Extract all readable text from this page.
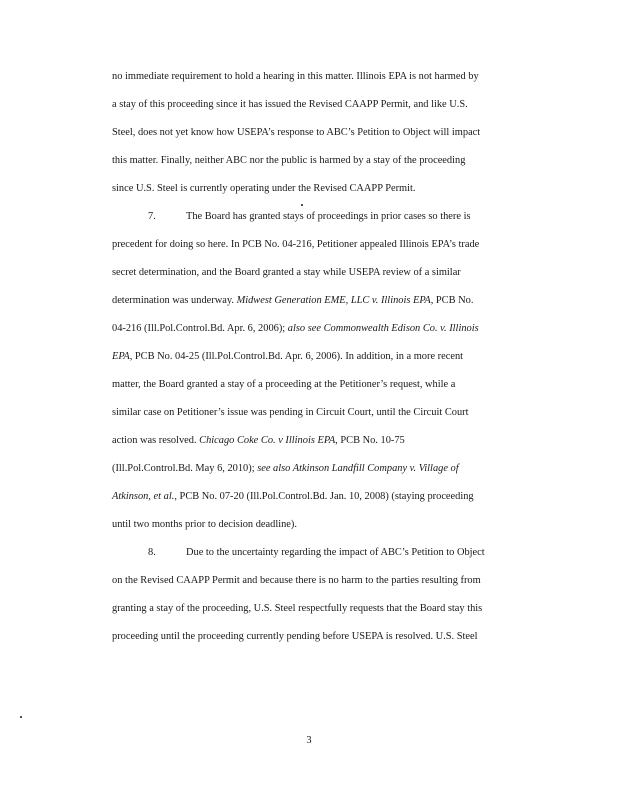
no immediate requirement to hold a hearing in this matter. Illinois EPA is not harmed by
a stay of this proceeding since it has issued the Revised CAAPP Permit, and like U.S.
Steel, does not yet know how USEPA’s response to ABC’s Petition to Object will impact
this matter. Finally, neither ABC nor the public is harmed by a stay of the proceeding
since U.S. Steel is currently operating under the Revised CAAPP Permit.
7.	The Board has granted stays of proceedings in prior cases so there is
precedent for doing so here. In PCB No. 04-216, Petitioner appealed Illinois EPA’s trade
secret determination, and the Board granted a stay while USEPA review of a similar
determination was underway. Midwest Generation EME, LLC v. Illinois EPA, PCB No.
04-216 (Ill.Pol.Control.Bd. Apr. 6, 2006); also see Commonwealth Edison Co. v. Illinois
EPA, PCB No. 04-25 (Ill.Pol.Control.Bd. Apr. 6, 2006). In addition, in a more recent
matter, the Board granted a stay of a proceeding at the Petitioner’s request, while a
similar case on Petitioner’s issue was pending in Circuit Court, until the Circuit Court
action was resolved. Chicago Coke Co. v Illinois EPA, PCB No. 10-75
(Ill.Pol.Control.Bd. May 6, 2010); see also Atkinson Landfill Company v. Village of
Atkinson, et al., PCB No. 07-20 (Ill.Pol.Control.Bd. Jan. 10, 2008) (staying proceeding
until two months prior to decision deadline).
8.	Due to the uncertainty regarding the impact of ABC’s Petition to Object
on the Revised CAAPP Permit and because there is no harm to the parties resulting from
granting a stay of the proceeding, U.S. Steel respectfully requests that the Board stay this
proceeding until the proceeding currently pending before USEPA is resolved. U.S. Steel
3
